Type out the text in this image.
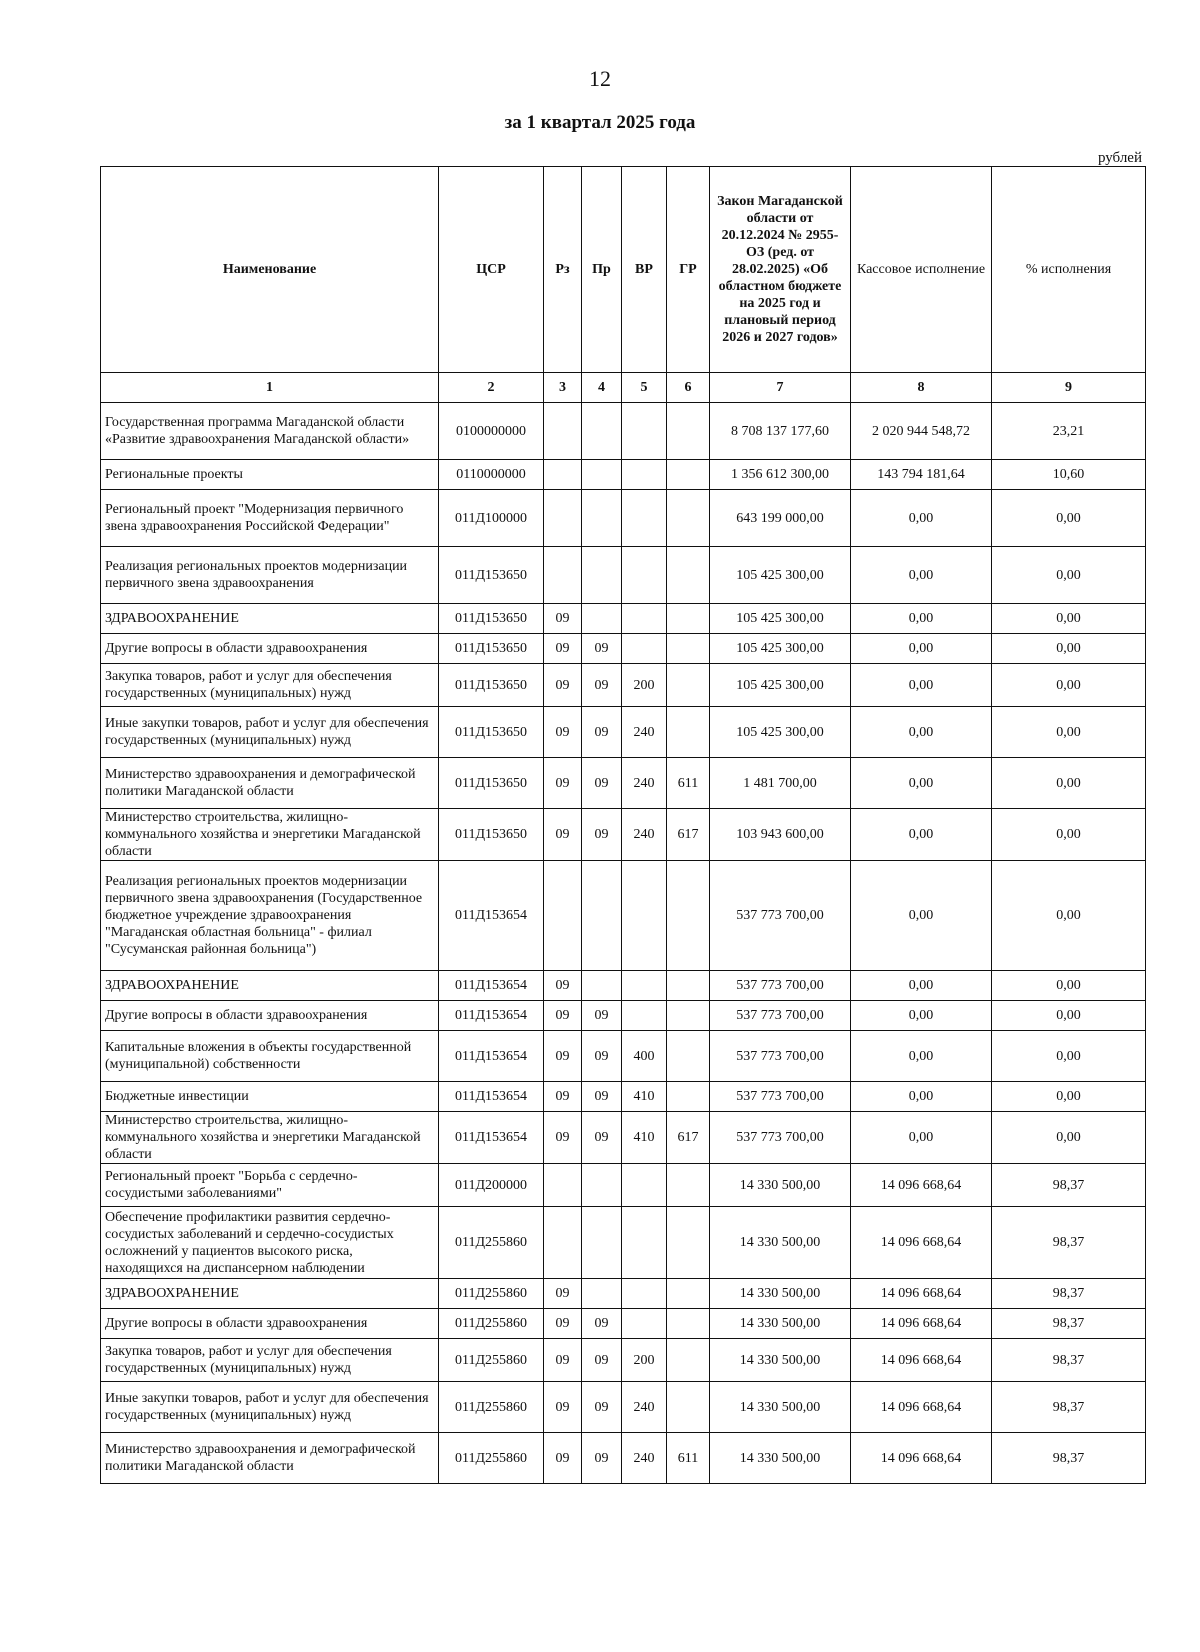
12
за 1 квартал 2025 года
рублей
Наименование	ЦСР	Рз	Пр	ВР	ГР	Закон Магаданской области от 20.12.2024 № 2955-ОЗ (ред. от 28.02.2025) «Об областном бюджете на 2025 год и плановый период 2026 и 2027 годов»	Кассовое исполнение	% исполнения
1	2	3	4	5	6	7	8	9
Государственная программа Магаданской области «Развитие здравоохранения Магаданской области»	0100000000					8 708 137 177,60	2 020 944 548,72	23,21
Региональные проекты	0110000000					1 356 612 300,00	143 794 181,64	10,60
Региональный проект "Модернизация первичного звена здравоохранения Российской Федерации"	011Д100000					643 199 000,00	0,00	0,00
Реализация региональных проектов модернизации первичного звена здравоохранения	011Д153650					105 425 300,00	0,00	0,00
ЗДРАВООХРАНЕНИЕ	011Д153650	09				105 425 300,00	0,00	0,00
Другие вопросы в области здравоохранения	011Д153650	09	09			105 425 300,00	0,00	0,00
Закупка товаров, работ и услуг для обеспечения государственных (муниципальных) нужд	011Д153650	09	09	200		105 425 300,00	0,00	0,00
Иные закупки товаров, работ и услуг для обеспечения государственных (муниципальных) нужд	011Д153650	09	09	240		105 425 300,00	0,00	0,00
Министерство здравоохранения и демографической политики Магаданской области	011Д153650	09	09	240	611	1 481 700,00	0,00	0,00
Министерство строительства, жилищно-коммунального хозяйства и энергетики Магаданской области	011Д153650	09	09	240	617	103 943 600,00	0,00	0,00
Реализация региональных проектов модернизации первичного звена здравоохранения (Государственное бюджетное учреждение здравоохранения "Магаданская областная больница" - филиал "Сусуманская районная больница")	011Д153654					537 773 700,00	0,00	0,00
ЗДРАВООХРАНЕНИЕ	011Д153654	09				537 773 700,00	0,00	0,00
Другие вопросы в области здравоохранения	011Д153654	09	09			537 773 700,00	0,00	0,00
Капитальные вложения в объекты государственной (муниципальной) собственности	011Д153654	09	09	400		537 773 700,00	0,00	0,00
Бюджетные инвестиции	011Д153654	09	09	410		537 773 700,00	0,00	0,00
Министерство строительства, жилищно-коммунального хозяйства и энергетики Магаданской области	011Д153654	09	09	410	617	537 773 700,00	0,00	0,00
Региональный проект "Борьба с сердечно-сосудистыми заболеваниями"	011Д200000					14 330 500,00	14 096 668,64	98,37
Обеспечение профилактики развития сердечно-сосудистых заболеваний и сердечно-сосудистых осложнений у пациентов высокого риска, находящихся на диспансерном наблюдении	011Д255860					14 330 500,00	14 096 668,64	98,37
ЗДРАВООХРАНЕНИЕ	011Д255860	09				14 330 500,00	14 096 668,64	98,37
Другие вопросы в области здравоохранения	011Д255860	09	09			14 330 500,00	14 096 668,64	98,37
Закупка товаров, работ и услуг для обеспечения государственных (муниципальных) нужд	011Д255860	09	09	200		14 330 500,00	14 096 668,64	98,37
Иные закупки товаров, работ и услуг для обеспечения государственных (муниципальных) нужд	011Д255860	09	09	240		14 330 500,00	14 096 668,64	98,37
Министерство здравоохранения и демографической политики Магаданской области	011Д255860	09	09	240	611	14 330 500,00	14 096 668,64	98,37
